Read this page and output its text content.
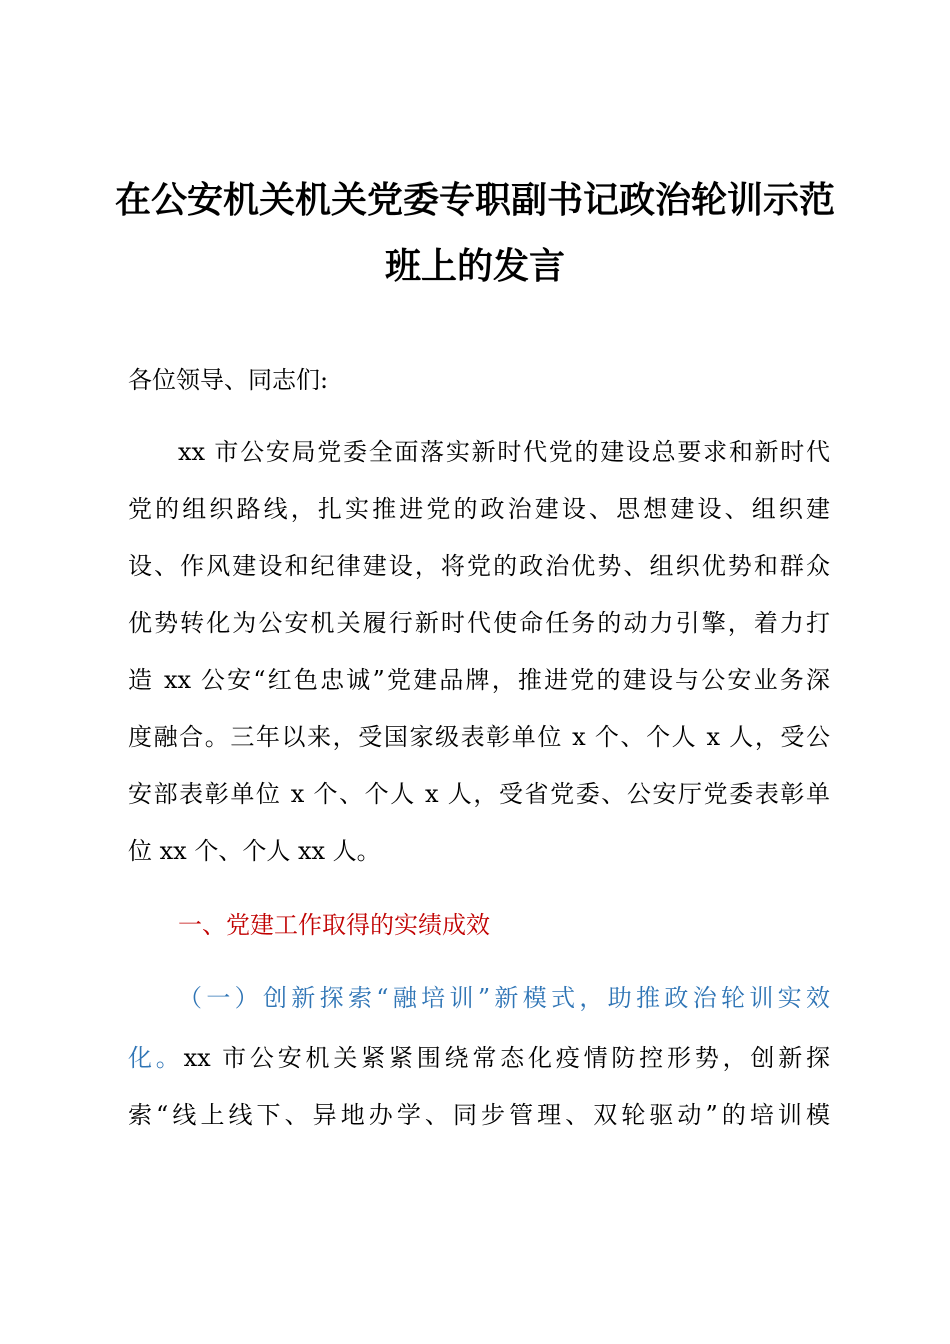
在公安机关机关党委专职副书记政治轮训示范
班上的发言
各位领导、同志们:
xx 市公安局党委全面落实新时代党的建设总要求和新时代
党的组织路线，扎实推进党的政治建设、思想建设、组织建
设、作风建设和纪律建设，将党的政治优势、组织优势和群众
优势转化为公安机关履行新时代使命任务的动力引擎，着力打
造 xx 公安“红色忠诚”党建品牌，推进党的建设与公安业务深
度融合。三年以来，受国家级表彰单位 x 个、个人 x 人，受公
安部表彰单位 x 个、个人 x 人，受省党委、公安厅党委表彰单
位 xx 个、个人 xx 人。
一、党建工作取得的实绩成效
（一）创新探索“融培训”新模式，助推政治轮训实效
化。xx 市公安机关紧紧围绕常态化疫情防控形势，创新探
索“线上线下、异地办学、同步管理、双轮驱动”的培训模
